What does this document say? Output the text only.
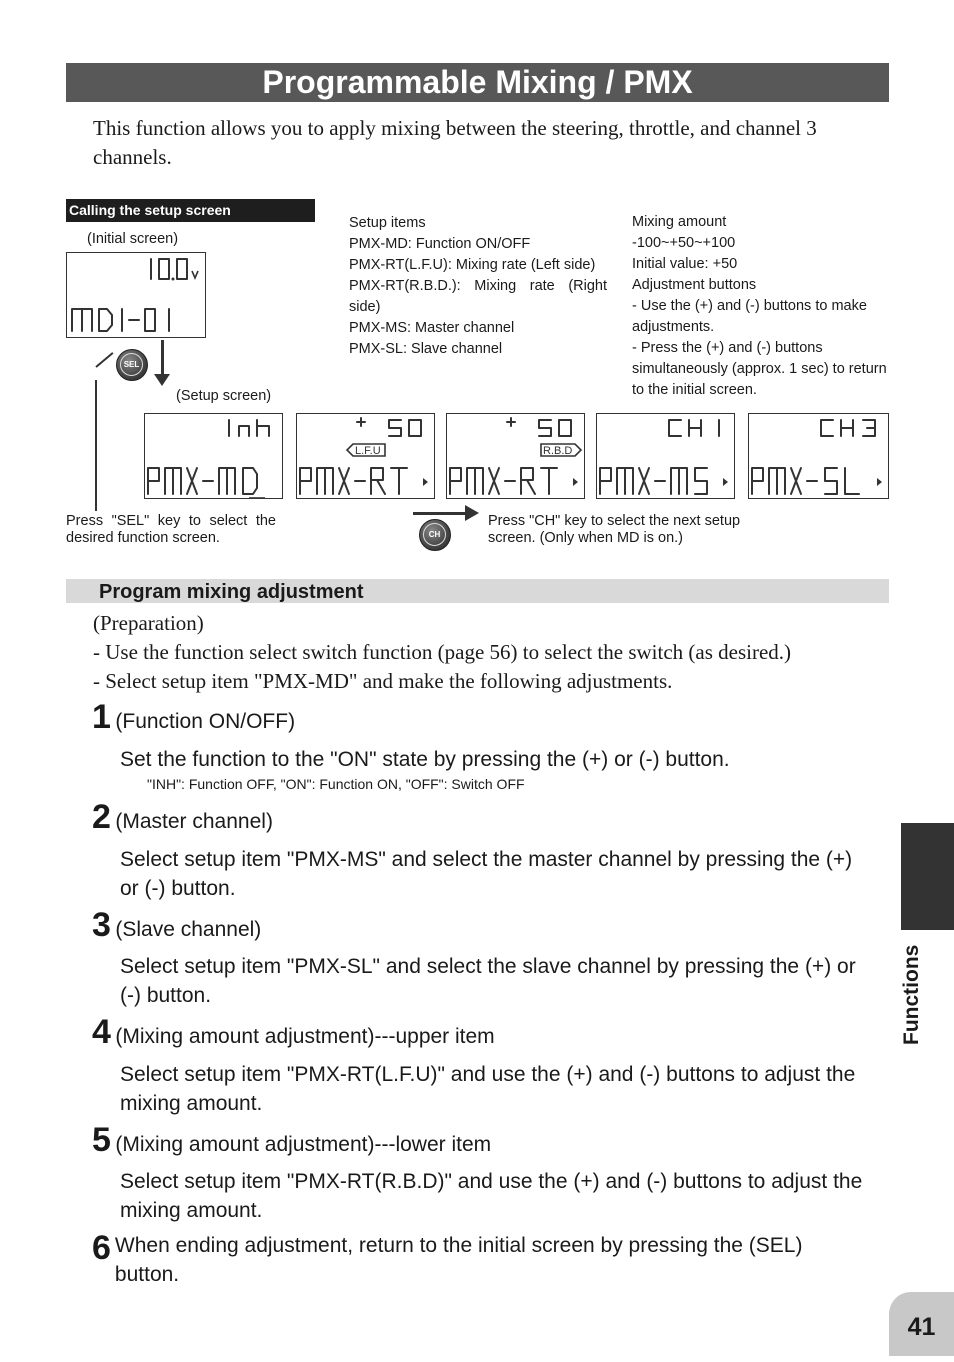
Programmable Mixing / PMX
This function allows you to apply mixing between the steering, throttle, and channel 3 channels.
Calling the setup screen
(Initial screen)
SEL
(Setup screen)
Setup items
PMX-MD: Function ON/OFF
PMX-RT(L.F.U): Mixing rate (Left side)
PMX-RT(R.B.D.): Mixing rate (Right side)
PMX-MS: Master channel
PMX-SL: Slave channel
Mixing amount
-100~+50~+100
Initial value: +50
Adjustment buttons
- Use the (+) and (-) buttons to make adjustments.
- Press the (+) and (-) buttons simultaneously (approx. 1 sec) to return to the initial screen.
L.F.U	R.B.D
Press "SEL" key to select the desired function screen.	CH
Press "CH" key to select the next setup screen. (Only when MD is on.)
Program mixing adjustment
(Preparation)
- Use the function select switch function (page 56) to select the switch (as desired.)
- Select setup item "PMX-MD" and make the following adjustments.
1 (Function ON/OFF)
Set the function to the "ON" state by pressing the (+) or (-) button.
"INH": Function OFF, "ON": Function ON, "OFF": Switch OFF
2 (Master channel)
Select setup item "PMX-MS" and select the master channel by pressing the (+) or (-) button.
3 (Slave channel)
Select setup item "PMX-SL" and select the slave channel by pressing the (+) or (-) button.
4 (Mixing amount adjustment)---upper item
Select setup item "PMX-RT(L.F.U)" and use the (+) and (-) buttons to adjust the mixing amount.
5 (Mixing amount adjustment)---lower item
Select setup item "PMX-RT(R.B.D)" and use the (+) and (-) buttons to adjust the mixing amount.
6 When ending adjustment, return to the initial screen by pressing the (SEL) button.
Functions
41
